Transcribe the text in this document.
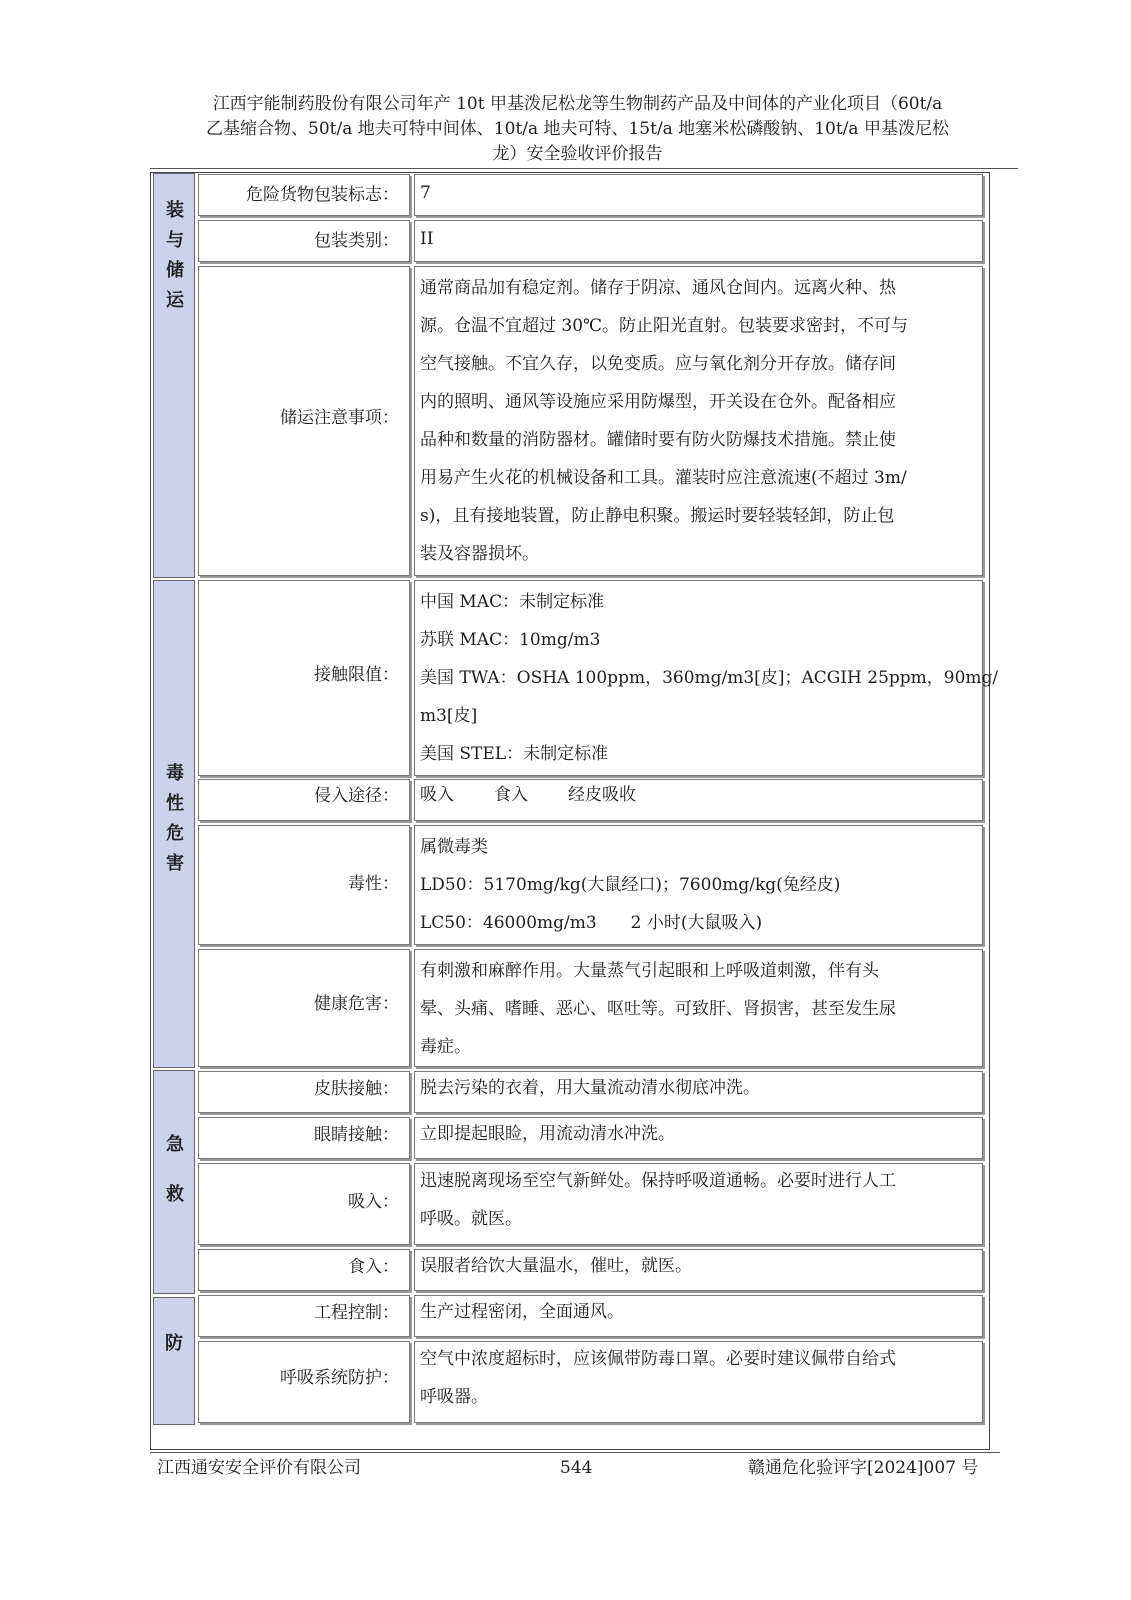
江西宇能制药股份有限公司年产 10t 甲基泼尼松龙等生物制药产品及中间体的产业化项目（60t/a
乙基缩合物、50t/a 地夫可特中间体、10t/a 地夫可特、15t/a 地塞米松磷酸钠、10t/a 甲基泼尼松
龙）安全验收评价报告
装与储运
毒性危害
急救
防
危险货物包装标志： 7
包装类别： II
储运注意事项：
通常商品加有稳定剂。储存于阴凉、通风仓间内。远离火种、热
源。仓温不宜超过 30℃。防止阳光直射。包装要求密封，不可与
空气接触。不宜久存，以免变质。应与氧化剂分开存放。储存间
内的照明、通风等设施应采用防爆型，开关设在仓外。配备相应
品种和数量的消防器材。罐储时要有防火防爆技术措施。禁止使
用易产生火花的机械设备和工具。灌装时应注意流速(不超过 3m/
s)，且有接地装置，防止静电积聚。搬运时要轻装轻卸，防止包
装及容器损坏。
接触限值：
中国 MAC：未制定标准
苏联 MAC：10mg/m3
美国 TWA：OSHA 100ppm，360mg/m3[皮]；ACGIH 25ppm，90mg/
m3[皮]
美国 STEL：未制定标准
侵入途径： 吸入 食入 经皮吸收
毒性：
属微毒类
LD50：5170mg/kg(大鼠经口)；7600mg/kg(兔经皮)
LC50：46000mg/m3　　2 小时(大鼠吸入)
健康危害：
有刺激和麻醉作用。大量蒸气引起眼和上呼吸道刺激，伴有头
晕、头痛、嗜睡、恶心、呕吐等。可致肝、肾损害，甚至发生尿
毒症。
皮肤接触： 脱去污染的衣着，用大量流动清水彻底冲洗。
眼睛接触： 立即提起眼睑，用流动清水冲洗。
吸入：
迅速脱离现场至空气新鲜处。保持呼吸道通畅。必要时进行人工
呼吸。就医。
食入： 误服者给饮大量温水，催吐，就医。
工程控制： 生产过程密闭，全面通风。
呼吸系统防护：
空气中浓度超标时，应该佩带防毒口罩。必要时建议佩带自给式
呼吸器。
江西通安安全评价有限公司	544	赣通危化验评字[2024]007 号
